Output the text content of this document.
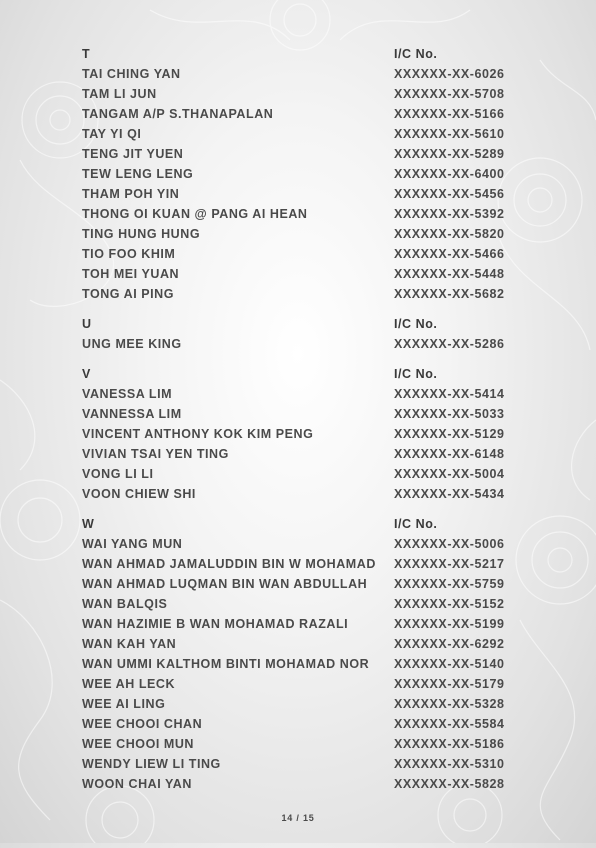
T	I/C No.
TAI CHING YAN	XXXXXX-XX-6026
TAM LI JUN	XXXXXX-XX-5708
TANGAM A/P S.THANAPALAN	XXXXXX-XX-5166
TAY YI QI	XXXXXX-XX-5610
TENG JIT YUEN	XXXXXX-XX-5289
TEW LENG LENG	XXXXXX-XX-6400
THAM POH YIN	XXXXXX-XX-5456
THONG OI KUAN @ PANG AI HEAN	XXXXXX-XX-5392
TING HUNG HUNG	XXXXXX-XX-5820
TIO FOO KHIM	XXXXXX-XX-5466
TOH MEI YUAN	XXXXXX-XX-5448
TONG AI PING	XXXXXX-XX-5682
U	I/C No.
UNG MEE KING	XXXXXX-XX-5286
V	I/C No.
VANESSA LIM	XXXXXX-XX-5414
VANNESSA LIM	XXXXXX-XX-5033
VINCENT ANTHONY KOK KIM PENG	XXXXXX-XX-5129
VIVIAN TSAI YEN TING	XXXXXX-XX-6148
VONG LI LI	XXXXXX-XX-5004
VOON CHIEW SHI	XXXXXX-XX-5434
W	I/C No.
WAI YANG MUN	XXXXXX-XX-5006
WAN AHMAD JAMALUDDIN BIN W MOHAMAD	XXXXXX-XX-5217
WAN AHMAD LUQMAN BIN WAN ABDULLAH	XXXXXX-XX-5759
WAN BALQIS	XXXXXX-XX-5152
WAN HAZIMIE B WAN MOHAMAD RAZALI	XXXXXX-XX-5199
WAN KAH YAN	XXXXXX-XX-6292
WAN UMMI KALTHOM BINTI MOHAMAD NOR	XXXXXX-XX-5140
WEE AH LECK	XXXXXX-XX-5179
WEE AI LING	XXXXXX-XX-5328
WEE CHOOI CHAN	XXXXXX-XX-5584
WEE CHOOI MUN	XXXXXX-XX-5186
WENDY LIEW LI TING	XXXXXX-XX-5310
WOON CHAI YAN	XXXXXX-XX-5828
14 / 15
